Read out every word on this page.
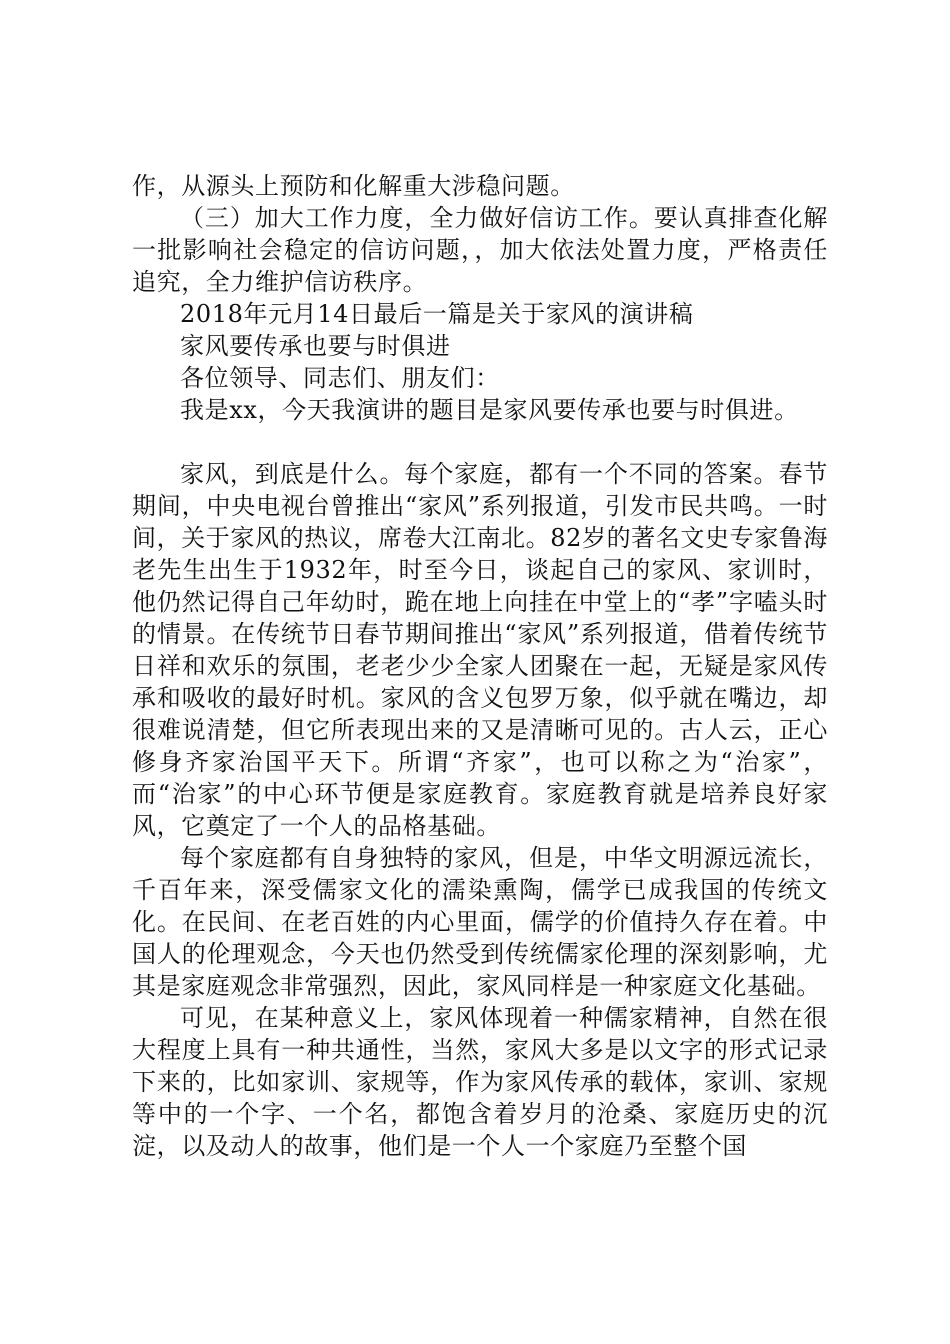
作，从源头上预防和化解重大涉稳问题。

（三）加大工作力度，全力做好信访工作。要认真排查化解一批影响社会稳定的信访问题，，加大依法处置力度，严格责任追究，全力维护信访秩序。

2018年元月14日最后一篇是关于家风的演讲稿

家风要传承也要与时俱进

各位领导、同志们、朋友们：

我是xx，今天我演讲的题目是家风要传承也要与时俱进。

家风，到底是什么。每个家庭，都有一个不同的答案。春节期间，中央电视台曾推出“家风”系列报道，引发市民共鸣。一时间，关于家风的热议，席卷大江南北。82岁的著名文史专家鲁海老先生出生于1932年，时至今日，谈起自己的家风、家训时，他仍然记得自己年幼时，跪在地上向挂在中堂上的“孝”字嗑头时的情景。在传统节日春节期间推出“家风”系列报道，借着传统节日祥和欢乐的氛围，老老少少全家人团聚在一起，无疑是家风传承和吸收的最好时机。家风的含义包罗万象，似乎就在嘴边，却很难说清楚，但它所表现出来的又是清晰可见的。古人云，正心修身齐家治国平天下。所谓“齐家”，也可以称之为“治家”，而“治家”的中心环节便是家庭教育。家庭教育就是培养良好家风，它奠定了一个人的品格基础。

每个家庭都有自身独特的家风，但是，中华文明源远流长，千百年来，深受儒家文化的濡染熏陶，儒学已成我国的传统文化。在民间、在老百姓的内心里面，儒学的价值持久存在着。中国人的伦理观念，今天也仍然受到传统儒家伦理的深刻影响，尤其是家庭观念非常强烈，因此，家风同样是一种家庭文化基础。

可见，在某种意义上，家风体现着一种儒家精神，自然在很大程度上具有一种共通性，当然，家风大多是以文字的形式记录下来的，比如家训、家规等，作为家风传承的载体，家训、家规等中的一个字、一个名，都饱含着岁月的沧桑、家庭历史的沉淀，以及动人的故事，他们是一个人一个家庭乃至整个国
